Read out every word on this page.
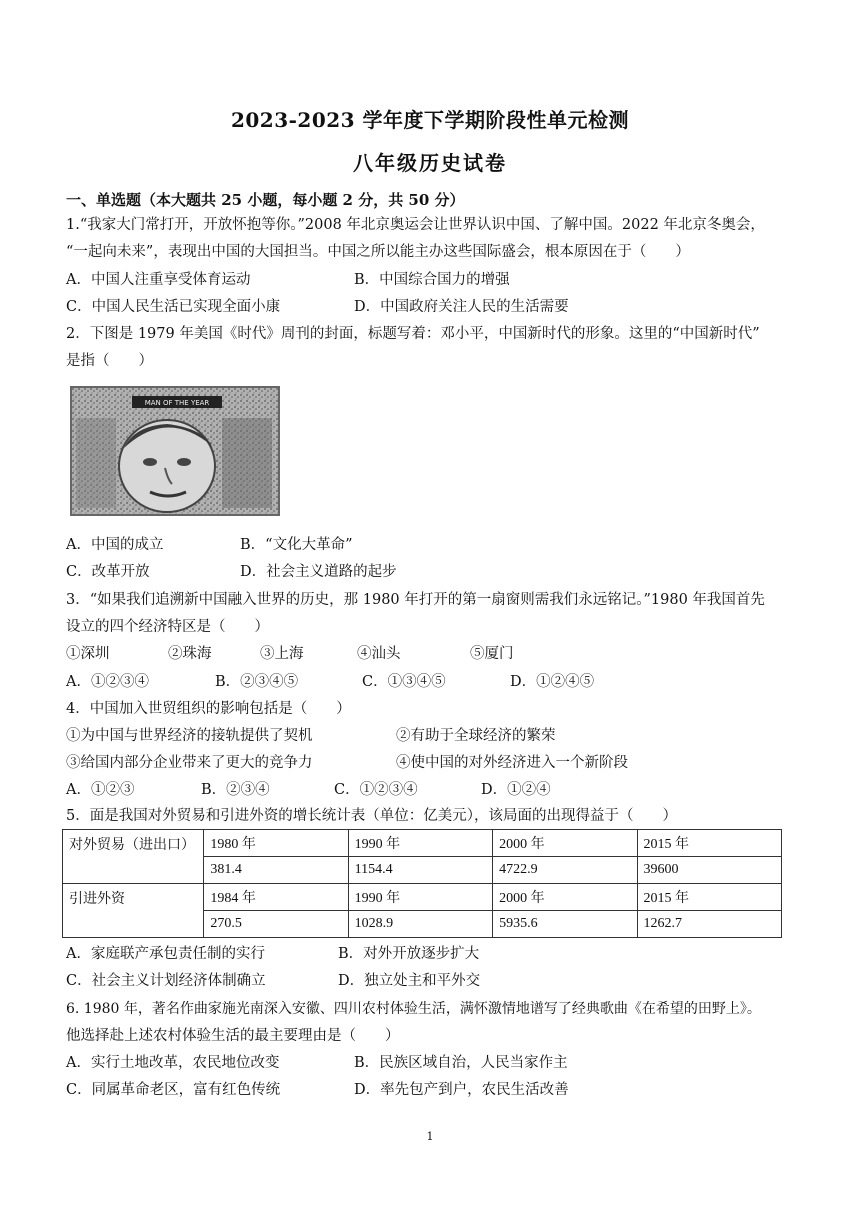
2023-2023 学年度下学期阶段性单元检测
八年级历史试卷
一、单选题（本大题共 25 小题，每小题 2 分，共 50 分）
1.“我家大门常打开，开放怀抱等你。”2008 年北京奥运会让世界认识中国、了解中国。2022 年北京冬奥会，
“一起向未来”，表现出中国的大国担当。中国之所以能主办这些国际盛会，根本原因在于（　　）
A．中国人注重享受体育运动	B．中国综合国力的增强
C．中国人民生活已实现全面小康	D．中国政府关注人民的生活需要
2．下图是 1979 年美国《时代》周刊的封面，标题写着：邓小平，中国新时代的形象。这里的“中国新时代”
是指（　　）
MAN OF THE YEAR
A．中国的成立	B．“文化大革命”
C．改革开放	D．社会主义道路的起步
3．“如果我们追溯新中国融入世界的历史，那 1980 年打开的第一扇窗则需我们永远铭记。”1980 年我国首先
设立的四个经济特区是（　　）
①深圳	②珠海	③上海	④汕头	⑤厦门
A．①②③④	B．②③④⑤	C．①③④⑤	D．①②④⑤
4．中国加入世贸组织的影响包括是（　　）
①为中国与世界经济的接轨提供了契机	②有助于全球经济的繁荣
③给国内部分企业带来了更大的竞争力	④使中国的对外经济进入一个新阶段
A．①②③	B．②③④	C．①②③④	D．①②④
5．面是我国对外贸易和引进外资的增长统计表（单位：亿美元），该局面的出现得益于（　　）
对外贸易（进出口）	1980 年	1990 年	2000 年	2015 年
	381.4	1154.4	4722.9	39600
引进外资	1984 年	1990 年	2000 年	2015 年
	270.5	1028.9	5935.6	1262.7
A．家庭联产承包责任制的实行	B．对外开放逐步扩大
C．社会主义计划经济体制确立	D．独立处主和平外交
6. 1980 年，著名作曲家施光南深入安徽、四川农村体验生活，满怀激情地谱写了经典歌曲《在希望的田野上》。
他选择赴上述农村体验生活的最主要理由是（　　）
A．实行土地改革，农民地位改变	B．民族区域自治，人民当家作主
C．同属革命老区，富有红色传统	D．率先包产到户，农民生活改善
1
